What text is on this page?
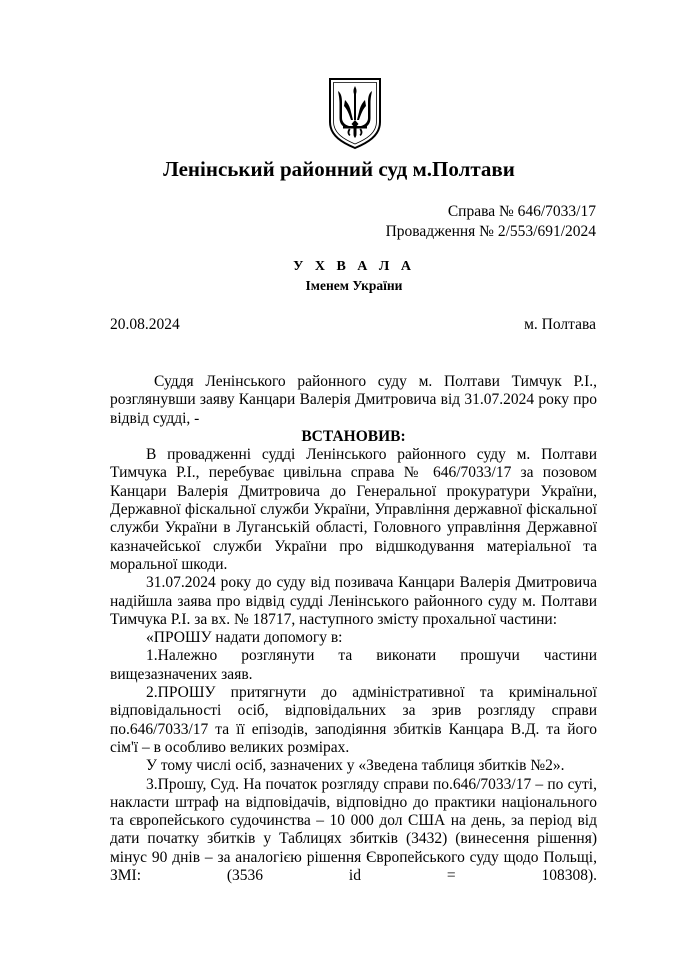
Ленінський районний суд м.Полтави
Справа № 646/7033/17
Провадження № 2/553/691/2024
У Х В А Л А
Іменем України
20.08.2024	м. Полтава

Суддя Ленінського районного суду м. Полтави Тимчук Р.І., розглянувши заяву Канцари Валерія Дмитровича від 31.07.2024 року про відвід судді, -

ВСТАНОВИВ:

В провадженні судді Ленінського районного суду м. Полтави Тимчука Р.І., перебуває цивільна справа № 646/7033/17 за позовом Канцари Валерія Дмитровича до Генеральної прокуратури України, Державної фіскальної служби України, Управління державної фіскальної служби України в Луганській області, Головного управління Державної казначейської служби України про відшкодування матеріальної та моральної шкоди.

31.07.2024 року до суду від позивача Канцари Валерія Дмитровича надійшла заява про відвід судді Ленінського районного суду м. Полтави Тимчука Р.І. за вх. № 18717, наступного змісту прохальної частини:

«ПРОШУ надати допомогу в:

1.Належно розглянути та виконати прошучи частини вищезазначених заяв.

2.ПРОШУ притягнути до адміністративної та кримінальної відповідальності осіб, відповідальних за зрив розгляду справи по.646/7033/17 та її епізодів, заподіяння збитків Канцара В.Д. та його сім'ї – в особливо великих розмірах.

У тому числі осіб, зазначених у «Зведена таблиця збитків №2».

3.Прошу, Суд. На початок розгляду справи по.646/7033/17 – по суті, накласти штраф на відповідачів, відповідно до практики національного та європейського судочинства – 10 000 дол США на день, за період від дати початку збитків у Таблицях збитків (3432) (винесення рішення) мінус 90 днів – за аналогією рішення Європейського суду щодо Польщі, ЗМІ: (3536 id = 108308).
